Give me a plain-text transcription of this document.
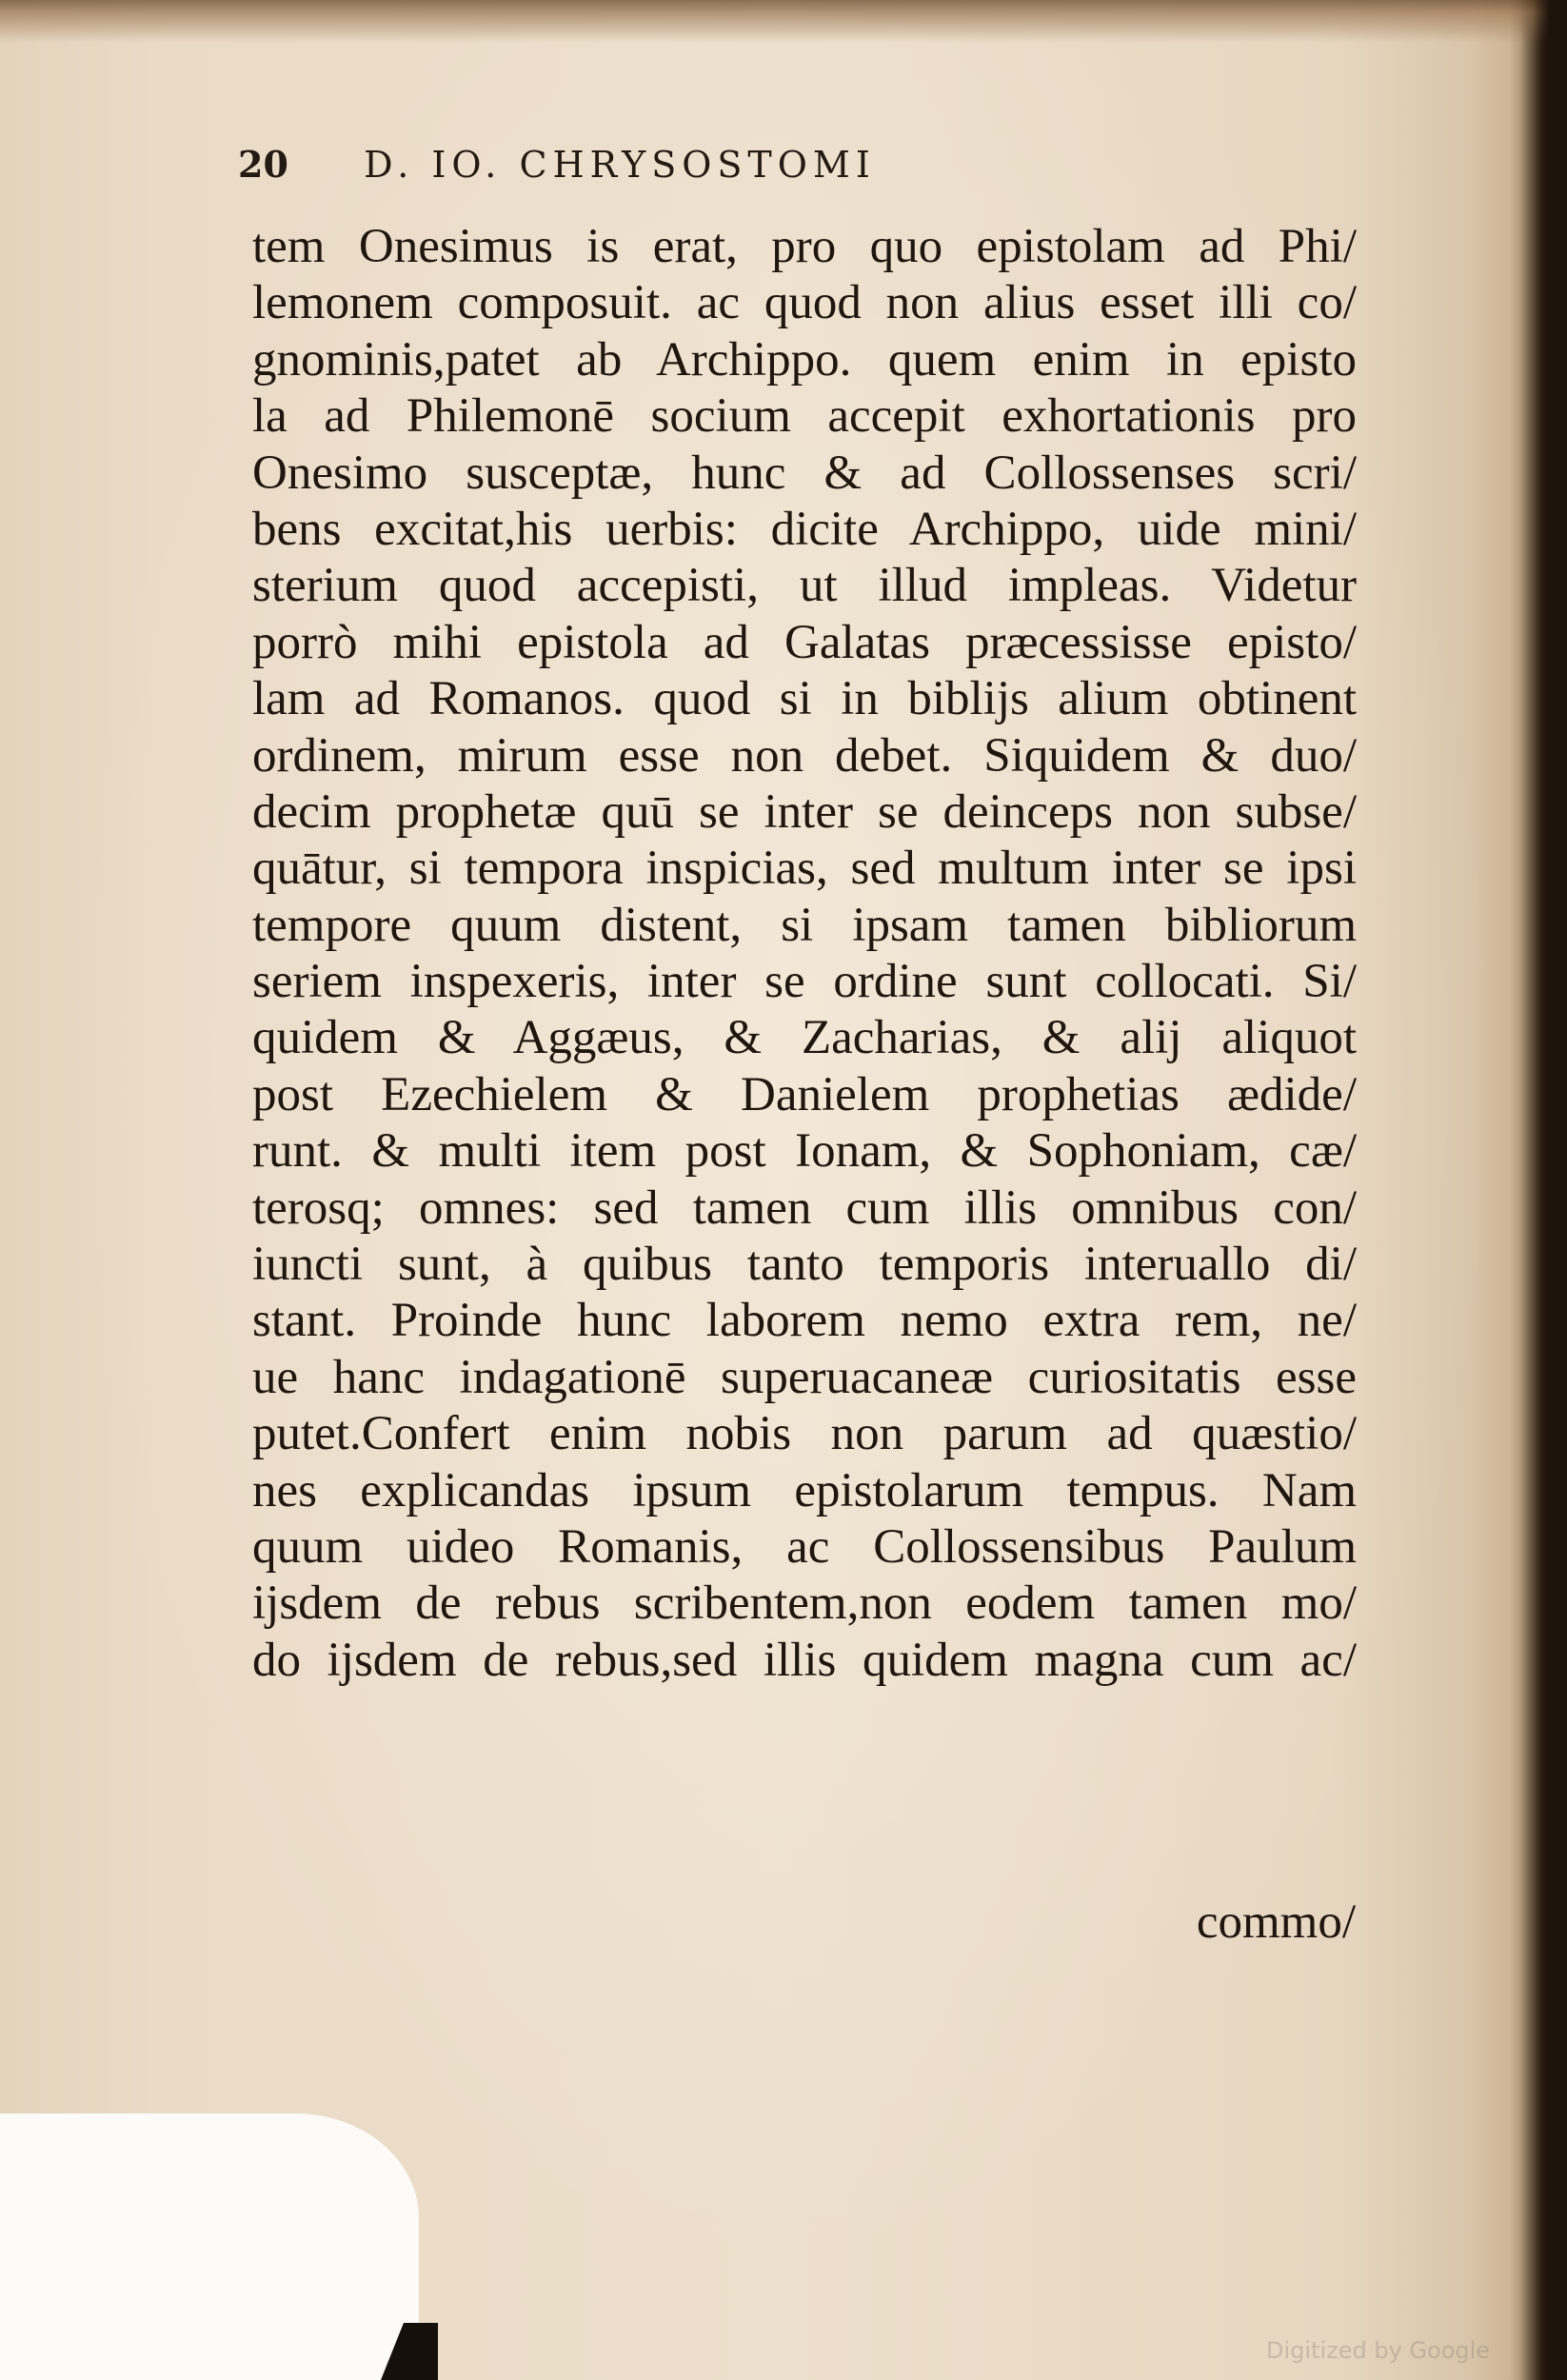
20 D. IO. CHRYSOSTOMI
tem Onesimus is erat, pro quo epistolam ad Phi/
lemonem composuit. ac quod non alius esset illi co/
gnominis,patet ab Archippo. quem enim in episto
la ad Philemonē socium accepit exhortationis pro
Onesimo susceptæ, hunc & ad Collossenses scri/
bens excitat,his uerbis: dicite Archippo, uide mini/
sterium quod accepisti, ut illud impleas. Videtur
porrò mihi epistola ad Galatas præcessisse episto/
lam ad Romanos. quod si in biblijs alium obtinent
ordinem, mirum esse non debet. Siquidem & duo/
decim prophetæ quū se inter se deinceps non subse/
quātur, si tempora inspicias, sed multum inter se ipsi
tempore quum distent, si ipsam tamen bibliorum
seriem inspexeris, inter se ordine sunt collocati. Si/
quidem & Aggæus, & Zacharias, & alij aliquot
post Ezechielem & Danielem prophetias ædide/
runt. & multi item post Ionam, & Sophoniam, cæ/
terosq; omnes: sed tamen cum illis omnibus con/
iuncti sunt, à quibus tanto temporis interuallo di/
stant. Proinde hunc laborem nemo extra rem, ne/
ue hanc indagationē superuacaneæ curiositatis esse
putet.Confert enim nobis non parum ad quæstio/
nes explicandas ipsum epistolarum tempus. Nam
quum uideo Romanis, ac Collossensibus Paulum
ijsdem de rebus scribentem,non eodem tamen mo/
do ijsdem de rebus,sed illis quidem magna cum ac/
commo/
Digitized by Google
